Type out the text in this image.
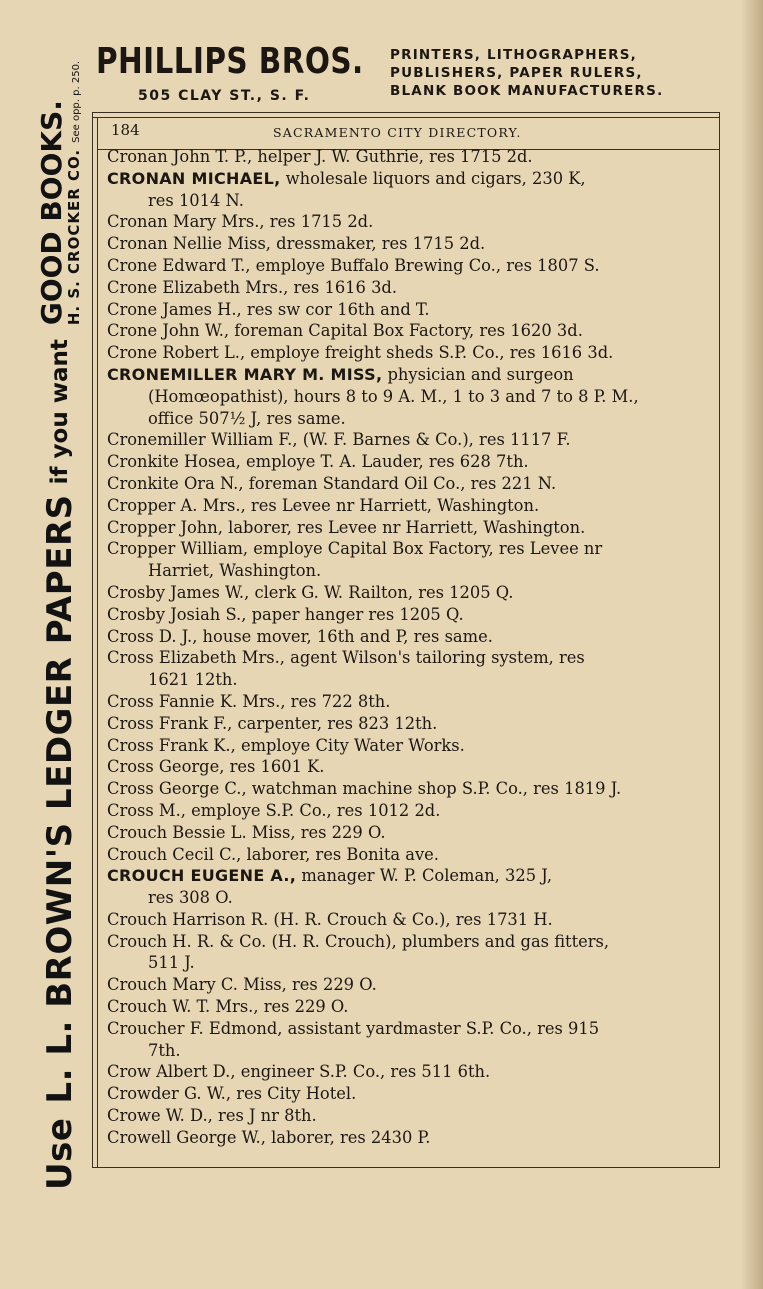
Use
L. L. BROWN'S LEDGER PAPERS
if you want
GOOD BOOKS.
H. S. CROCKER CO.See opp. p. 250. PHILLIPS BROS.
505 CLAY ST., S. F.
PRINTERS, LITHOGRAPHERS,
PUBLISHERS, PAPER RULERS,
BLANK BOOK MANUFACTURERS.
184	SACRAMENTO CITY DIRECTORY.
Cronan John T. P., helper J. W. Guthrie, res 1715 2d.
CRONAN MICHAEL, wholesale liquors and cigars, 230 K,
res 1014 N.
Cronan Mary Mrs., res 1715 2d.
Cronan Nellie Miss, dressmaker, res 1715 2d.
Crone Edward T., employe Buffalo Brewing Co., res 1807 S.
Crone Elizabeth Mrs., res 1616 3d.
Crone James H., res sw cor 16th and T.
Crone John W., foreman Capital Box Factory, res 1620 3d.
Crone Robert L., employe freight sheds S.P. Co., res 1616 3d.
CRONEMILLER MARY M. MISS, physician and surgeon
(Homœopathist), hours 8 to 9 A. M., 1 to 3 and 7 to 8 P. M.,
office 507½ J, res same.
Cronemiller William F., (W. F. Barnes & Co.), res 1117 F.
Cronkite Hosea, employe T. A. Lauder, res 628 7th.
Cronkite Ora N., foreman Standard Oil Co., res 221 N.
Cropper A. Mrs., res Levee nr Harriett, Washington.
Cropper John, laborer, res Levee nr Harriett, Washington.
Cropper William, employe Capital Box Factory, res Levee nr
Harriet, Washington.
Crosby James W., clerk G. W. Railton, res 1205 Q.
Crosby Josiah S., paper hanger res 1205 Q.
Cross D. J., house mover, 16th and P, res same.
Cross Elizabeth Mrs., agent Wilson's tailoring system, res
1621 12th.
Cross Fannie K. Mrs., res 722 8th.
Cross Frank F., carpenter, res 823 12th.
Cross Frank K., employe City Water Works.
Cross George, res 1601 K.
Cross George C., watchman machine shop S.P. Co., res 1819 J.
Cross M., employe S.P. Co., res 1012 2d.
Crouch Bessie L. Miss, res 229 O.
Crouch Cecil C., laborer, res Bonita ave.
CROUCH EUGENE A., manager W. P. Coleman, 325 J,
res 308 O.
Crouch Harrison R. (H. R. Crouch & Co.), res 1731 H.
Crouch H. R. & Co. (H. R. Crouch), plumbers and gas fitters,
511 J.
Crouch Mary C. Miss, res 229 O.
Crouch W. T. Mrs., res 229 O.
Croucher F. Edmond, assistant yardmaster S.P. Co., res 915
7th.
Crow Albert D., engineer S.P. Co., res 511 6th.
Crowder G. W., res City Hotel.
Crowe W. D., res J nr 8th.
Crowell George W., laborer, res 2430 P.
